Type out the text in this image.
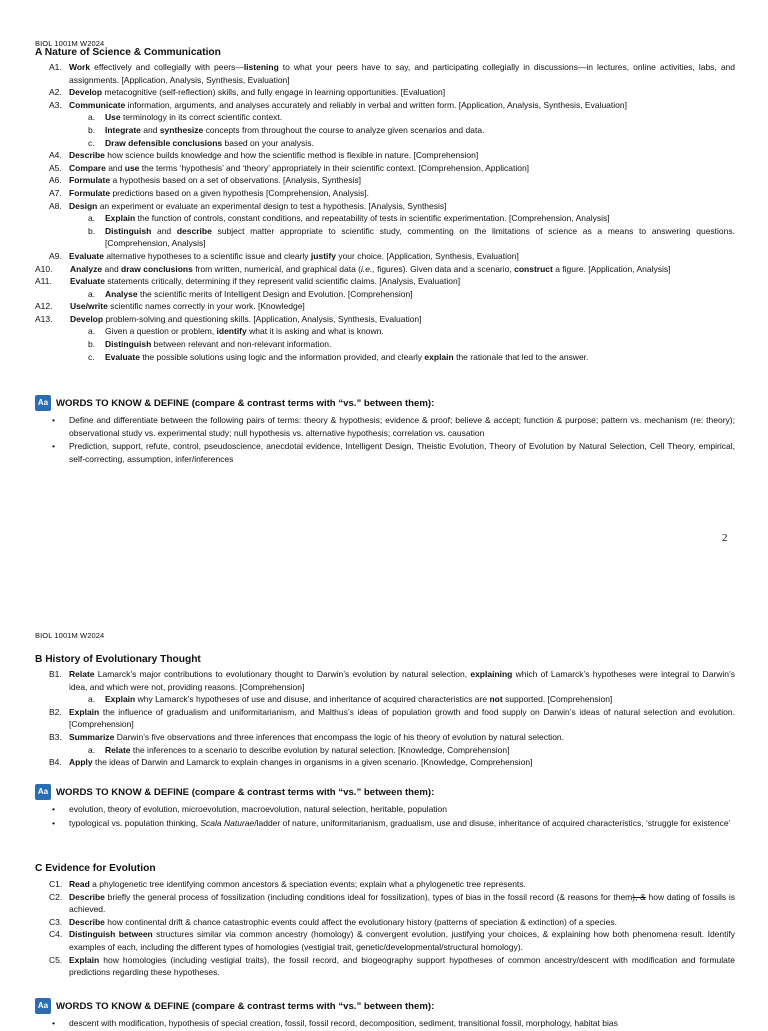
BIOL 1001M W2024
A Nature of Science & Communication
A1. Work effectively and collegially with peers—listening to what your peers have to say, and participating collegially in discussions—in lectures, online activities, labs, and assignments. [Application, Analysis, Synthesis, Evaluation]
A2. Develop metacognitive (self-reflection) skills, and fully engage in learning opportunities. [Evaluation]
A3. Communicate information, arguments, and analyses accurately and reliably in verbal and written form. [Application, Analysis, Synthesis, Evaluation]
a. Use terminology in its correct scientific context.
b. Integrate and synthesize concepts from throughout the course to analyze given scenarios and data.
c. Draw defensible conclusions based on your analysis.
A4. Describe how science builds knowledge and how the scientific method is flexible in nature. [Comprehension]
A5. Compare and use the terms ‘hypothesis’ and ‘theory’ appropriately in their scientific context. [Comprehension, Application]
A6. Formulate a hypothesis based on a set of observations. [Analysis, Synthesis]
A7. Formulate predictions based on a given hypothesis [Comprehension, Analysis].
A8. Design an experiment or evaluate an experimental design to test a hypothesis. [Analysis, Synthesis]
a. Explain the function of controls, constant conditions, and repeatability of tests in scientific experimentation. [Comprehension, Analysis]
b. Distinguish and describe subject matter appropriate to scientific study, commenting on the limitations of science as a means to answering questions. [Comprehension, Analysis]
A9. Evaluate alternative hypotheses to a scientific issue and clearly justify your choice. [Application, Synthesis, Evaluation]
A10. Analyze and draw conclusions from written, numerical, and graphical data (i.e., figures). Given data and a scenario, construct a figure. [Application, Analysis]
A11. Evaluate statements critically, determining if they represent valid scientific claims. [Analysis, Evaluation]
a. Analyse the scientific merits of Intelligent Design and Evolution. [Comprehension]
A12. Use/write scientific names correctly in your work. [Knowledge]
A13. Develop problem-solving and questioning skills. [Application, Analysis, Synthesis, Evaluation]
a. Given a question or problem, identify what it is asking and what is known.
b. Distinguish between relevant and non-relevant information.
c. Evaluate the possible solutions using logic and the information provided, and clearly explain the rationale that led to the answer.
Aa WORDS TO KNOW & DEFINE (compare & contrast terms with “vs.” between them):
• Define and differentiate between the following pairs of terms: theory & hypothesis; evidence & proof; believe & accept; function & purpose; pattern vs. mechanism (re: theory); observational study vs. experimental study; null hypothesis vs. alternative hypothesis; correlation vs. causation
• Prediction, support, refute, control, pseudoscience, anecdotal evidence, Intelligent Design, Theistic Evolution, Theory of Evolution by Natural Selection, Cell Theory, empirical, self-correcting, assumption, infer/inferences
2
BIOL 1001M W2024
B History of Evolutionary Thought
B1. Relate Lamarck’s major contributions to evolutionary thought to Darwin’s evolution by natural selection, explaining which of Lamarck’s hypotheses were integral to Darwin’s idea, and which were not, providing reasons. [Comprehension]
a. Explain why Lamarck’s hypotheses of use and disuse, and inheritance of acquired characteristics are not supported. [Comprehension]
B2. Explain the influence of gradualism and uniformitarianism, and Malthus’s ideas of population growth and food supply on Darwin’s ideas of natural selection and evolution. [Comprehension]
B3. Summarize Darwin’s five observations and three inferences that encompass the logic of his theory of evolution by natural selection.
a. Relate the inferences to a scenario to describe evolution by natural selection. [Knowledge, Comprehension]
B4. Apply the ideas of Darwin and Lamarck to explain changes in organisms in a given scenario. [Knowledge, Comprehension]
Aa WORDS TO KNOW & DEFINE (compare & contrast terms with “vs.” between them):
• evolution, theory of evolution, microevolution, macroevolution, natural selection, heritable, population
• typological vs. population thinking, Scala Naturae/ladder of nature, uniformitarianism, gradualism, use and disuse, inheritance of acquired characteristics, ‘struggle for existence’
C Evidence for Evolution
C1. Read a phylogenetic tree identifying common ancestors & speciation events; explain what a phylogenetic tree represents.
C2. Describe briefly the general process of fossilization (including conditions ideal for fossilization), types of bias in the fossil record (& reasons for them), & how dating of fossils is achieved.
C3. Describe how continental drift & chance catastrophic events could affect the evolutionary history (patterns of speciation & extinction) of a species.
C4. Distinguish between structures similar via common ancestry (homology) & convergent evolution, justifying your choices, & explaining how both phenomena result. Identify examples of each, including the different types of homologies (vestigial trait, genetic/developmental/structural homology).
C5. Explain how homologies (including vestigial traits), the fossil record, and biogeography support hypotheses of common ancestry/descent with modification and formulate predictions regarding these hypotheses.
Aa WORDS TO KNOW & DEFINE (compare & contrast terms with “vs.” between them):
• descent with modification, hypothesis of special creation, fossil, fossil record, decomposition, sediment, transitional fossil, morphology, habitat bias
